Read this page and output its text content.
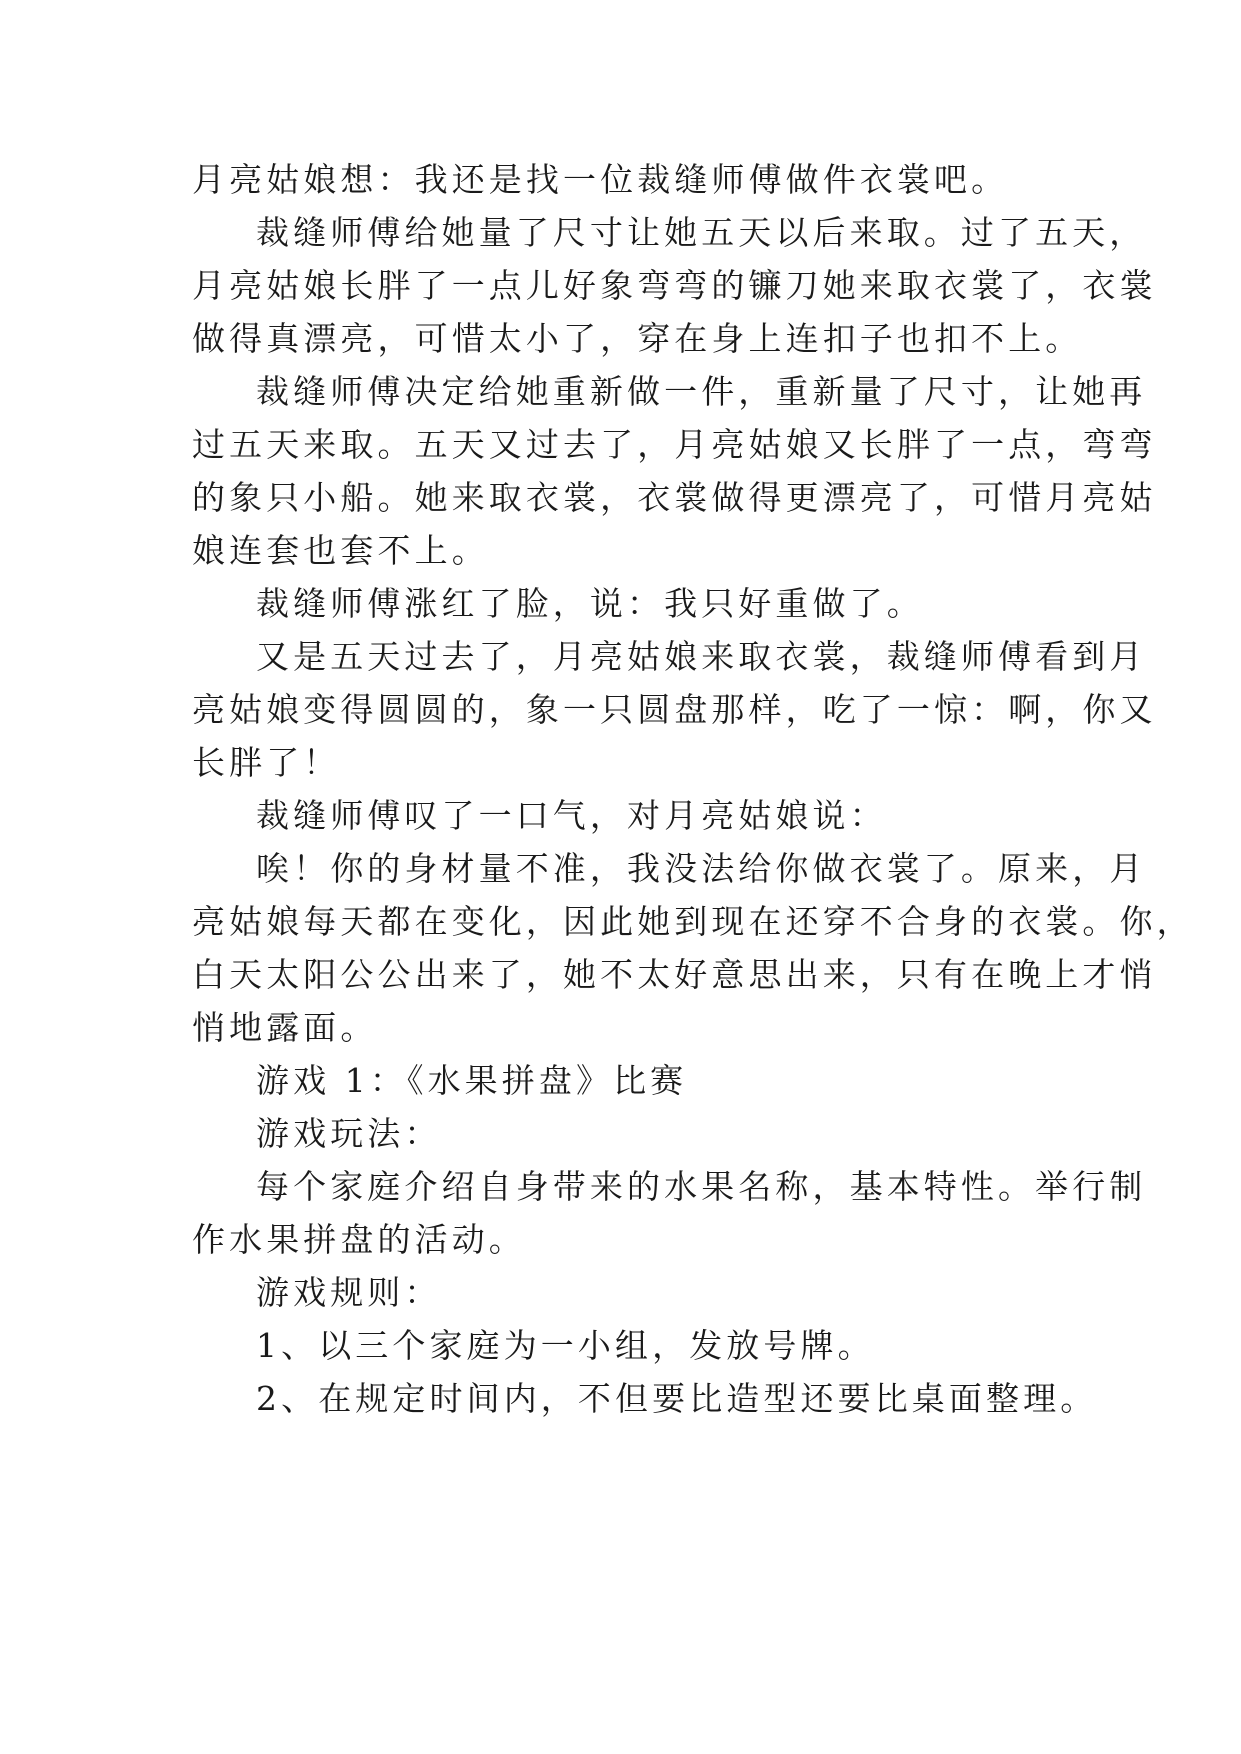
月亮姑娘想：我还是找一位裁缝师傅做件衣裳吧。
裁缝师傅给她量了尺寸让她五天以后来取。过了五天，
月亮姑娘长胖了一点儿好象弯弯的镰刀她来取衣裳了，衣裳
做得真漂亮，可惜太小了，穿在身上连扣子也扣不上。
裁缝师傅决定给她重新做一件，重新量了尺寸，让她再
过五天来取。五天又过去了，月亮姑娘又长胖了一点，弯弯
的象只小船。她来取衣裳，衣裳做得更漂亮了，可惜月亮姑
娘连套也套不上。
裁缝师傅涨红了脸，说：我只好重做了。
又是五天过去了，月亮姑娘来取衣裳，裁缝师傅看到月
亮姑娘变得圆圆的，象一只圆盘那样，吃了一惊：啊，你又
长胖了！
裁缝师傅叹了一口气，对月亮姑娘说：
唉！你的身材量不准，我没法给你做衣裳了。原来，月
亮姑娘每天都在变化，因此她到现在还穿不合身的衣裳。你，
白天太阳公公出来了，她不太好意思出来，只有在晚上才悄
悄地露面。
游戏 1：《水果拼盘》比赛
游戏玩法：
每个家庭介绍自身带来的水果名称，基本特性。举行制
作水果拼盘的活动。
游戏规则：
1、以三个家庭为一小组，发放号牌。
2、在规定时间内，不但要比造型还要比桌面整理。
